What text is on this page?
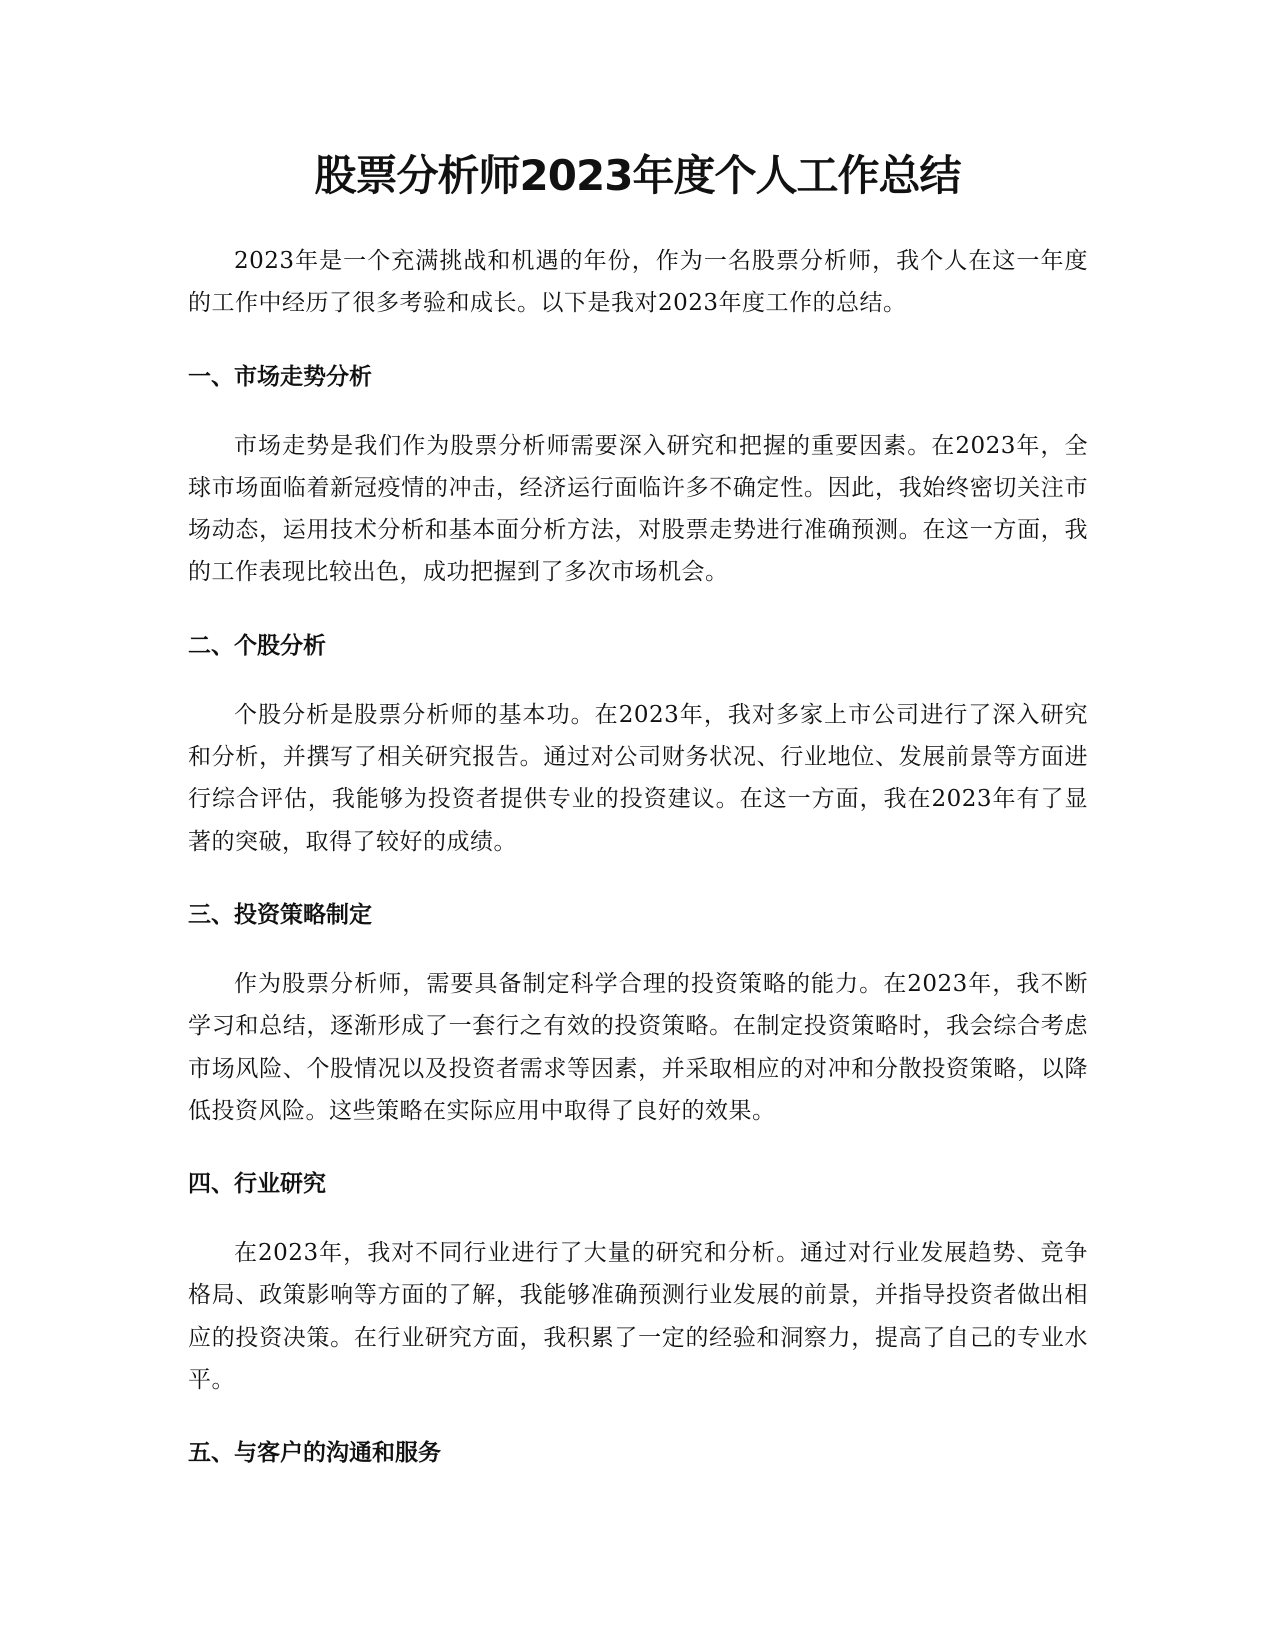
股票分析师2023年度个人工作总结

2023年是一个充满挑战和机遇的年份，作为一名股票分析师，我个人在这一年度的工作中经历了很多考验和成长。以下是我对2023年度工作的总结。

一、市场走势分析

市场走势是我们作为股票分析师需要深入研究和把握的重要因素。在2023年，全球市场面临着新冠疫情的冲击，经济运行面临许多不确定性。因此，我始终密切关注市场动态，运用技术分析和基本面分析方法，对股票走势进行准确预测。在这一方面，我的工作表现比较出色，成功把握到了多次市场机会。

二、个股分析

个股分析是股票分析师的基本功。在2023年，我对多家上市公司进行了深入研究和分析，并撰写了相关研究报告。通过对公司财务状况、行业地位、发展前景等方面进行综合评估，我能够为投资者提供专业的投资建议。在这一方面，我在2023年有了显著的突破，取得了较好的成绩。

三、投资策略制定

作为股票分析师，需要具备制定科学合理的投资策略的能力。在2023年，我不断学习和总结，逐渐形成了一套行之有效的投资策略。在制定投资策略时，我会综合考虑市场风险、个股情况以及投资者需求等因素，并采取相应的对冲和分散投资策略，以降低投资风险。这些策略在实际应用中取得了良好的效果。

四、行业研究

在2023年，我对不同行业进行了大量的研究和分析。通过对行业发展趋势、竞争格局、政策影响等方面的了解，我能够准确预测行业发展的前景，并指导投资者做出相应的投资决策。在行业研究方面，我积累了一定的经验和洞察力，提高了自己的专业水平。

五、与客户的沟通和服务
